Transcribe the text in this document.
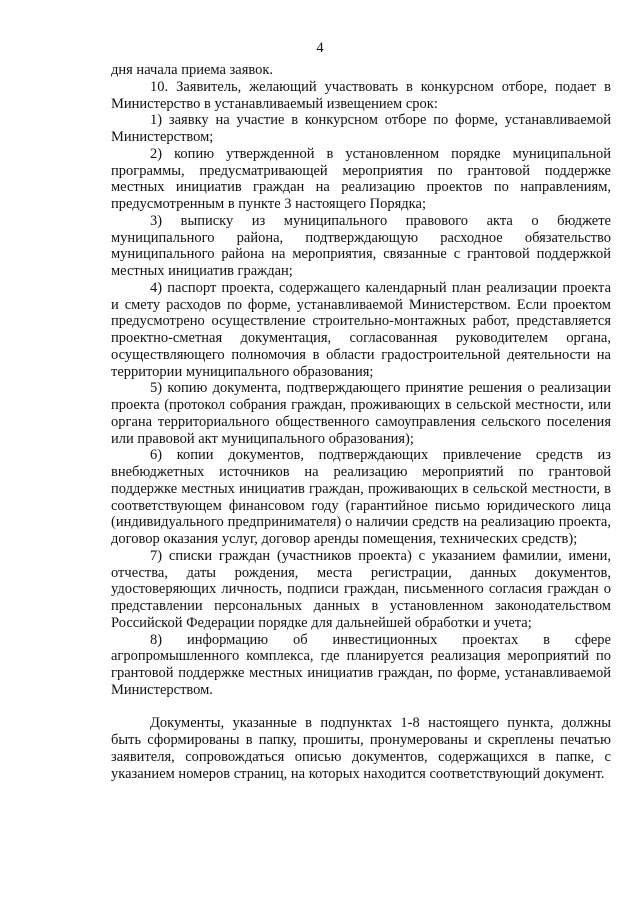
4

дня начала приема заявок.

10. Заявитель, желающий участвовать в конкурсном отборе, подает в Министерство в устанавливаемый извещением срок:

1) заявку на участие в конкурсном отборе по форме, устанавливаемой Министерством;

2) копию утвержденной в установленном порядке муниципальной программы, предусматривающей мероприятия по грантовой поддержке местных инициатив граждан на реализацию проектов по направлениям, предусмотренным в пункте 3 настоящего Порядка;

3) выписку из муниципального правового акта о бюджете муниципального района, подтверждающую расходное обязательство муниципального района на мероприятия, связанные с грантовой поддержкой местных инициатив граждан;

4) паспорт проекта, содержащего календарный план реализации проекта и смету расходов по форме, устанавливаемой Министерством. Если проектом предусмотрено осуществление строительно-монтажных работ, представляется проектно-сметная документация, согласованная руководителем органа, осуществляющего полномочия в области градостроительной деятельности на территории муниципального образования;

5) копию документа, подтверждающего принятие решения о реализации проекта (протокол собрания граждан, проживающих в сельской местности, или органа территориального общественного самоуправления сельского поселения или правовой акт муниципального образования);

6) копии документов, подтверждающих привлечение средств из внебюджетных источников на реализацию мероприятий по грантовой поддержке местных инициатив граждан, проживающих в сельской местности, в соответствующем финансовом году (гарантийное письмо юридического лица (индивидуального предпринимателя) о наличии средств на реализацию проекта, договор оказания услуг, договор аренды помещения, технических средств);

7) списки граждан (участников проекта) с указанием фамилии, имени, отчества, даты рождения, места регистрации, данных документов, удостоверяющих личность, подписи граждан, письменного согласия граждан о представлении персональных данных в установленном законодательством Российской Федерации порядке для дальнейшей обработки и учета;

8) информацию об инвестиционных проектах в сфере агропромышленного комплекса, где планируется реализация мероприятий по грантовой поддержке местных инициатив граждан, по форме, устанавливаемой Министерством.

Документы, указанные в подпунктах 1-8 настоящего пункта, должны быть сформированы в папку, прошиты, пронумерованы и скреплены печатью заявителя, сопровождаться описью документов, содержащихся в папке, с указанием номеров страниц, на которых находится соответствующий документ.
